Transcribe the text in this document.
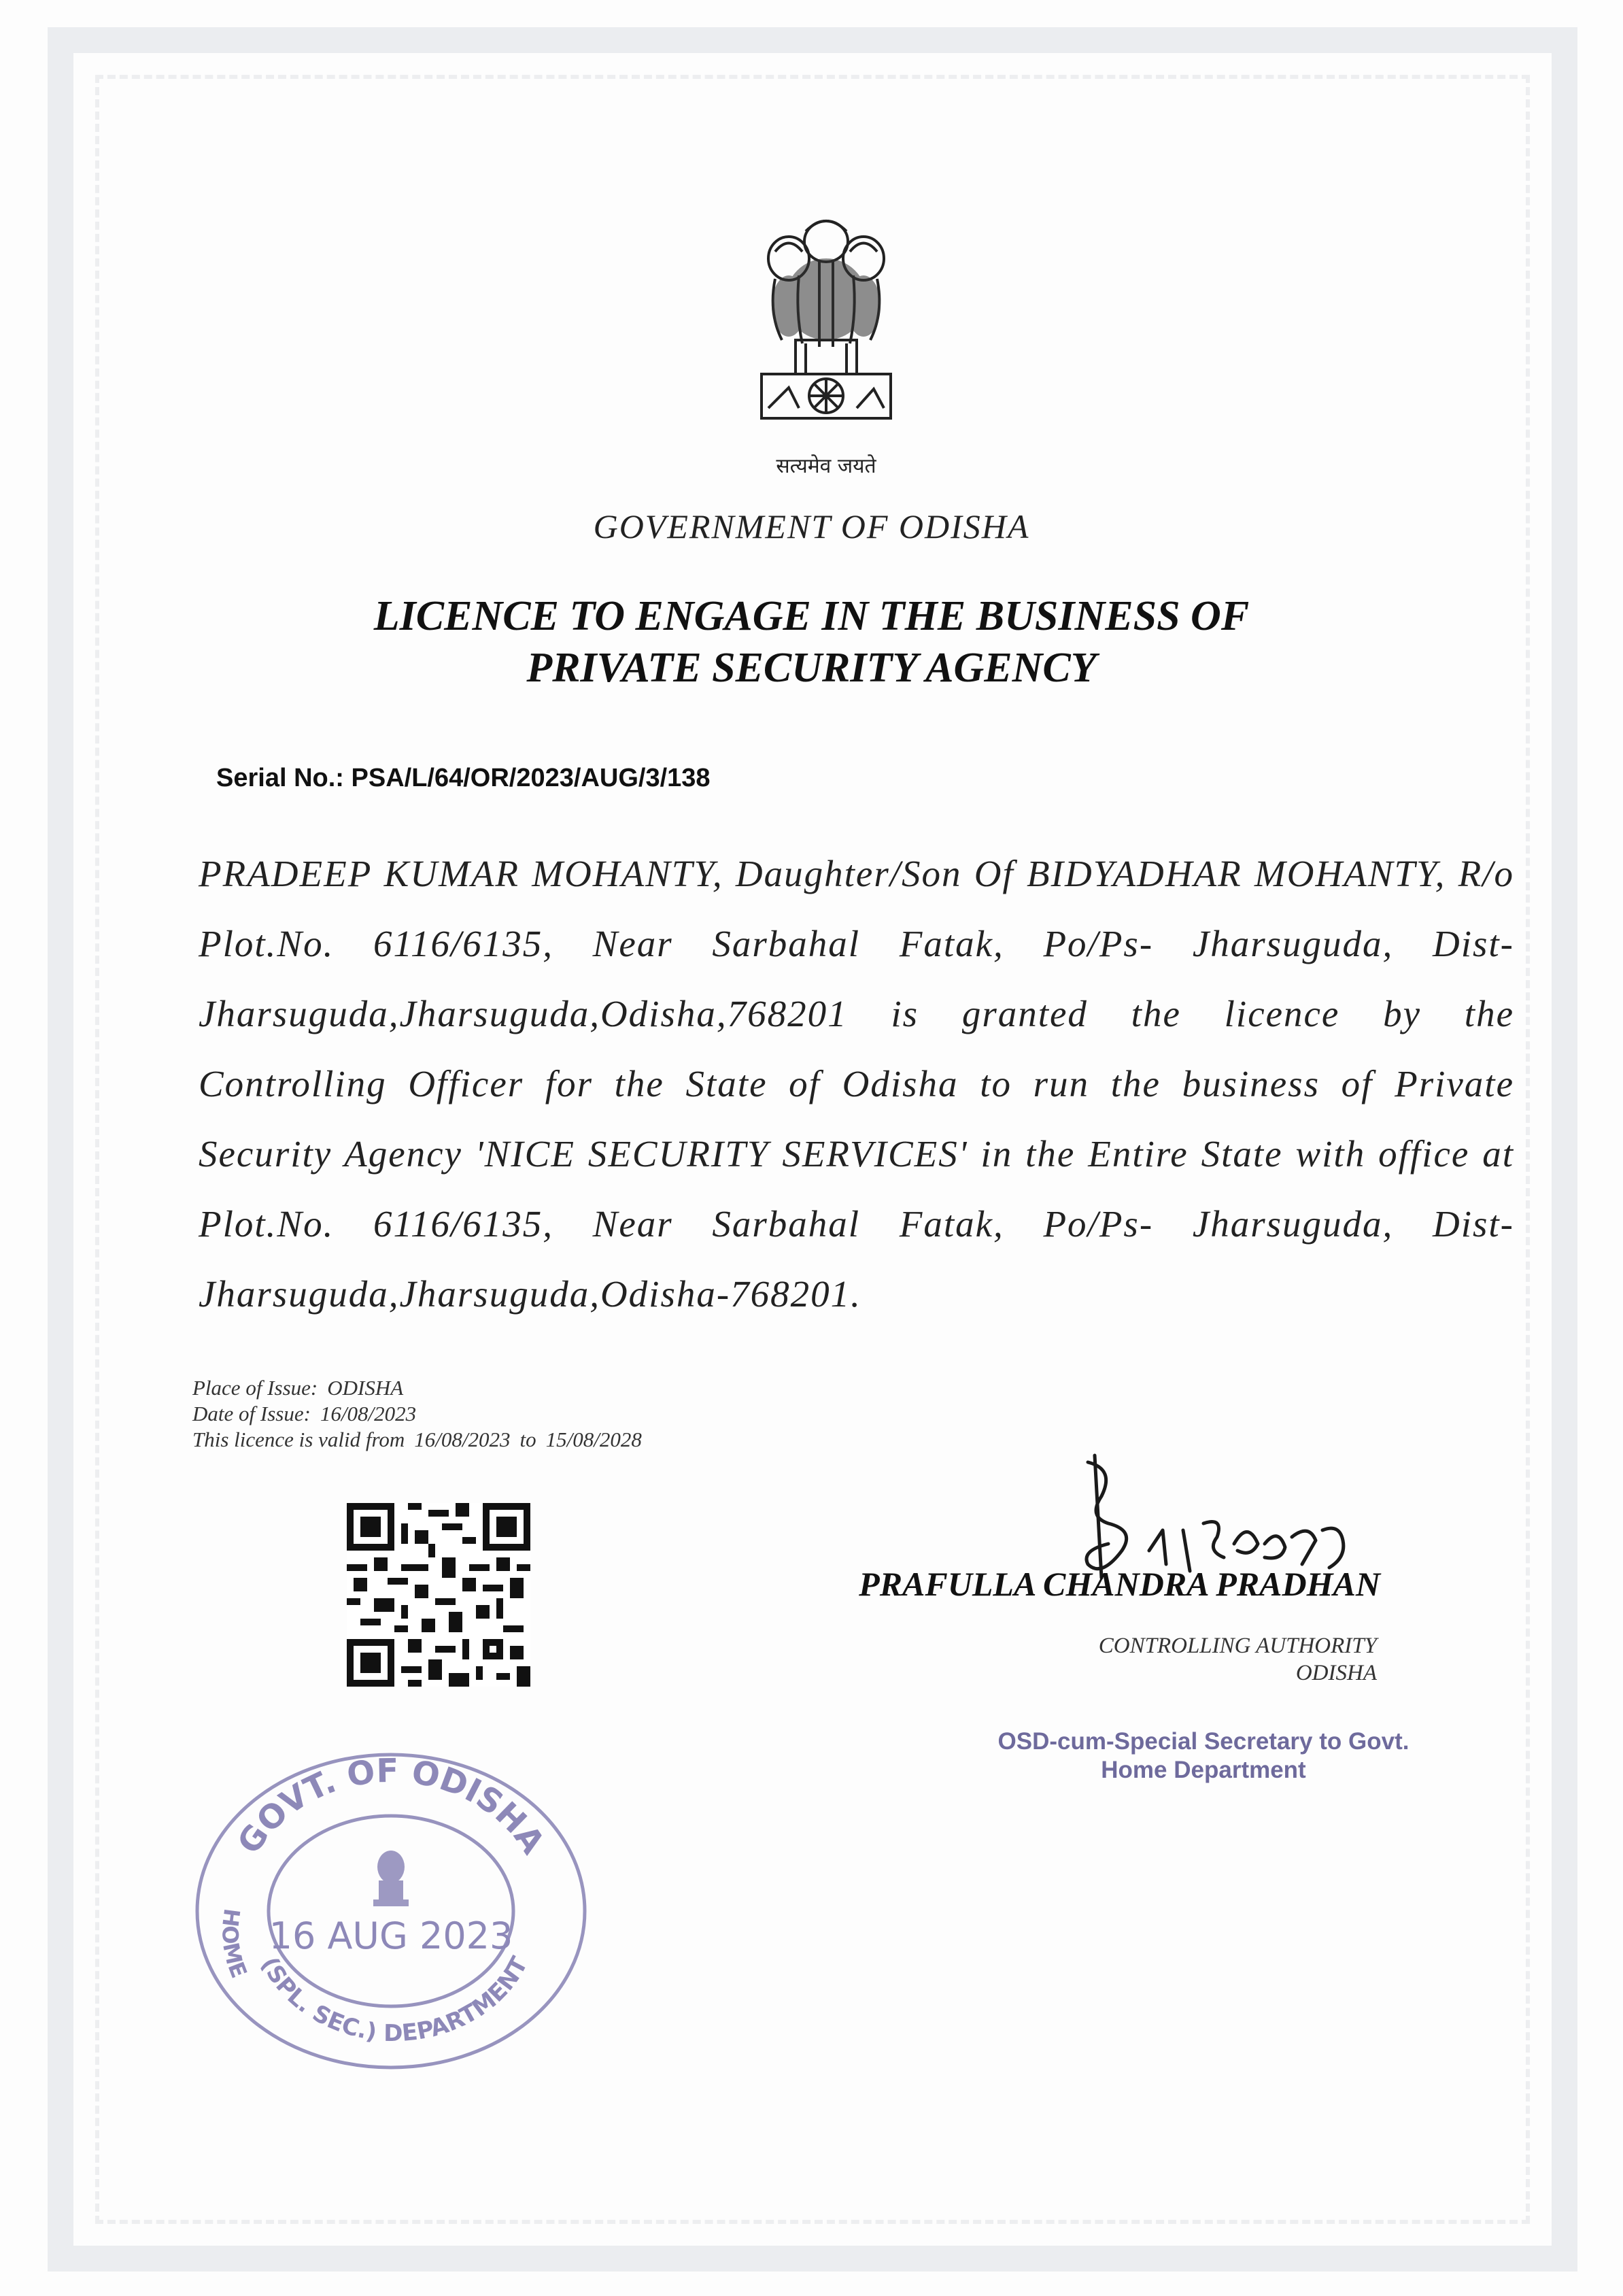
सत्यमेव जयते
GOVERNMENT OF ODISHA
LICENCE TO ENGAGE IN THE BUSINESS OF
PRIVATE SECURITY AGENCY
Serial No.: PSA/L/64/OR/2023/AUG/3/138
PRADEEP KUMAR MOHANTY, Daughter/Son Of BIDYADHAR MOHANTY, R/o Plot.No. 6116/6135, Near Sarbahal Fatak, Po/Ps- Jharsuguda, Dist-Jharsuguda,Jharsuguda,Odisha,768201 is granted the licence by the Controlling Officer for the State of Odisha to run the business of Private Security Agency 'NICE SECURITY SERVICES' in the Entire State with office at Plot.No. 6116/6135, Near Sarbahal Fatak, Po/Ps- Jharsuguda, Dist-Jharsuguda,Jharsuguda,Odisha-768201.
Place of Issue: ODISHA
Date of Issue: 16/08/2023
This licence is valid from 16/08/2023 to 15/08/2028	16/8/2023
PRAFULLA CHANDRA PRADHAN
CONTROLLING AUTHORITY
ODISHA
OSD-cum-Special Secretary to Govt.
Home Department
GOVT. OF ODISHA
(SPL. SEC.) DEPARTMENT
HOME
16 AUG 2023
